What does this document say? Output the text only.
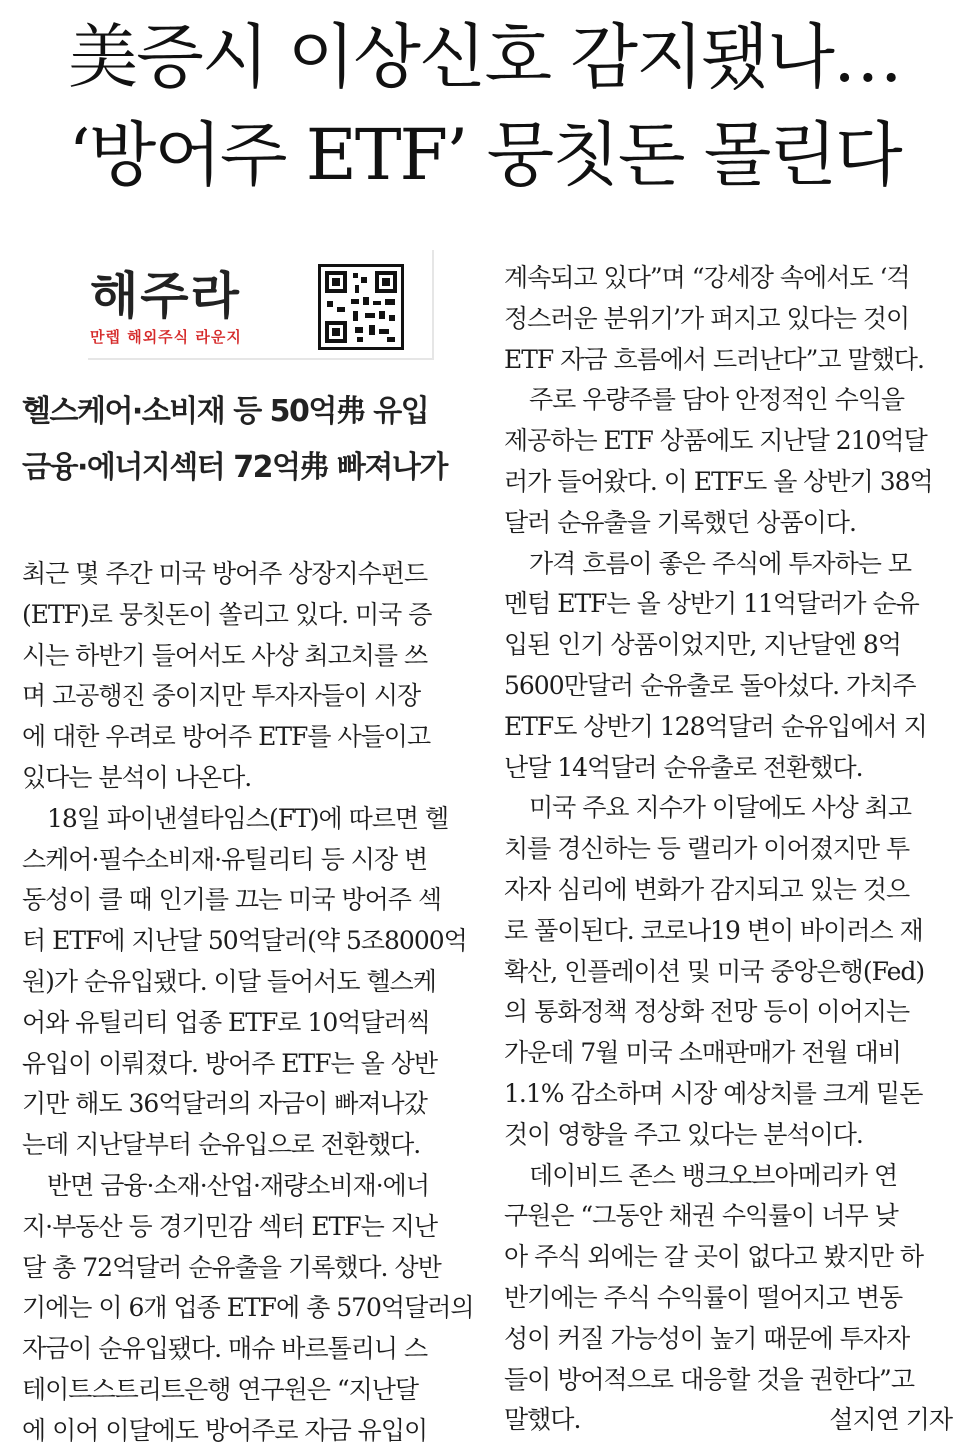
美증시 이상신호 감지됐나…
‘방어주 ETF’ 뭉칫돈 몰린다
해주라
만렙 해외주식 라운지
헬스케어·소비재 등 50억弗 유입
금융·에너지섹터 72억弗 빠져나가
최근 몇 주간 미국 방어주 상장지수펀드
(ETF)로 뭉칫돈이 쏠리고 있다. 미국 증
시는 하반기 들어서도 사상 최고치를 쓰
며 고공행진 중이지만 투자자들이 시장
에 대한 우려로 방어주 ETF를 사들이고
있다는 분석이 나온다.
18일 파이낸셜타임스(FT)에 따르면 헬
스케어·필수소비재·유틸리티 등 시장 변
동성이 클 때 인기를 끄는 미국 방어주 섹
터 ETF에 지난달 50억달러(약 5조8000억
원)가 순유입됐다. 이달 들어서도 헬스케
어와 유틸리티 업종 ETF로 10억달러씩
유입이 이뤄졌다. 방어주 ETF는 올 상반
기만 해도 36억달러의 자금이 빠져나갔
는데 지난달부터 순유입으로 전환했다.
반면 금융·소재·산업·재량소비재·에너
지·부동산 등 경기민감 섹터 ETF는 지난
달 총 72억달러 순유출을 기록했다. 상반
기에는 이 6개 업종 ETF에 총 570억달러의
자금이 순유입됐다. 매슈 바르톨리니 스
테이트스트리트은행 연구원은 “지난달
에 이어 이달에도 방어주로 자금 유입이
계속되고 있다”며 “강세장 속에서도 ‘걱
정스러운 분위기’가 퍼지고 있다는 것이
ETF 자금 흐름에서 드러난다”고 말했다.
주로 우량주를 담아 안정적인 수익을
제공하는 ETF 상품에도 지난달 210억달
러가 들어왔다. 이 ETF도 올 상반기 38억
달러 순유출을 기록했던 상품이다.
가격 흐름이 좋은 주식에 투자하는 모
멘텀 ETF는 올 상반기 11억달러가 순유
입된 인기 상품이었지만, 지난달엔 8억
5600만달러 순유출로 돌아섰다. 가치주
ETF도 상반기 128억달러 순유입에서 지
난달 14억달러 순유출로 전환했다.
미국 주요 지수가 이달에도 사상 최고
치를 경신하는 등 랠리가 이어졌지만 투
자자 심리에 변화가 감지되고 있는 것으
로 풀이된다. 코로나19 변이 바이러스 재
확산, 인플레이션 및 미국 중앙은행(Fed)
의 통화정책 정상화 전망 등이 이어지는
가운데 7월 미국 소매판매가 전월 대비
1.1% 감소하며 시장 예상치를 크게 밑돈
것이 영향을 주고 있다는 분석이다.
데이비드 존스 뱅크오브아메리카 연
구원은 “그동안 채권 수익률이 너무 낮
아 주식 외에는 갈 곳이 없다고 봤지만 하
반기에는 주식 수익률이 떨어지고 변동
성이 커질 가능성이 높기 때문에 투자자
들이 방어적으로 대응할 것을 권한다”고
말했다.	설지연 기자
